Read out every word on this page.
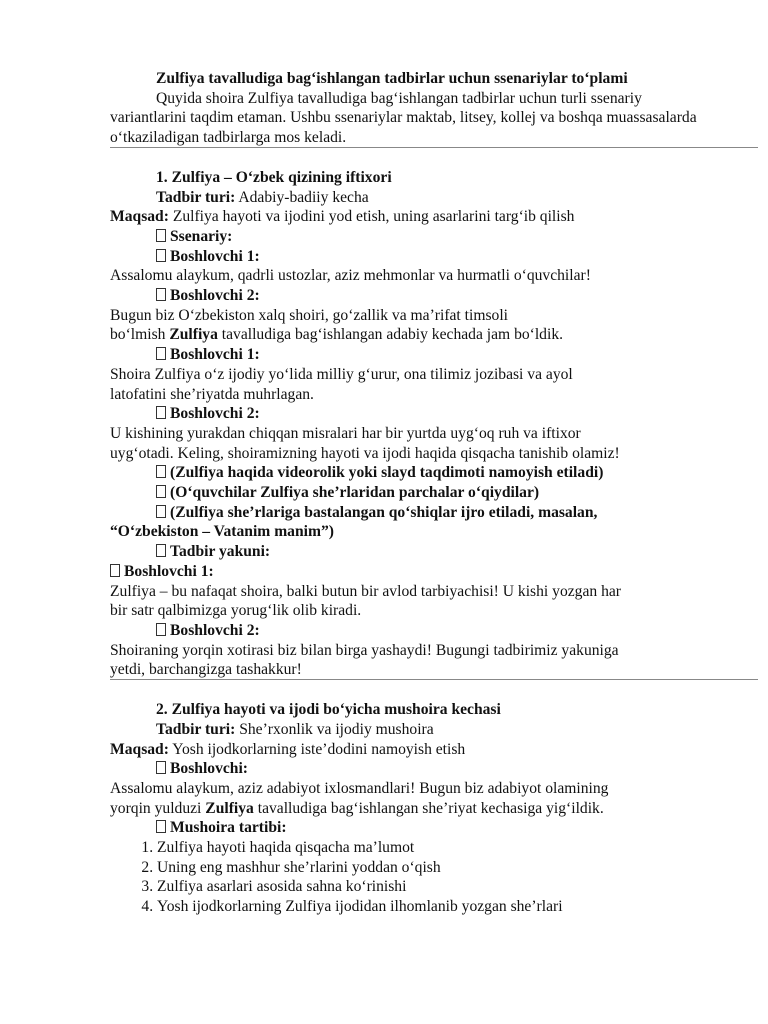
Zulfiya tavalludiga bag‘ishlangan tadbirlar uchun ssenariylar to‘plami

Quyida shoira Zulfiya tavalludiga bag‘ishlangan tadbirlar uchun turli ssenariy variantlarini taqdim etaman. Ushbu ssenariylar maktab, litsey, kollej va boshqa muassasalarda o‘tkaziladigan tadbirlarga mos keladi.

1. Zulfiya – O‘zbek qizining iftixori

Tadbir turi: Adabiy-badiiy kecha

Maqsad: Zulfiya hayoti va ijodini yod etish, uning asarlarini targ‘ib qilish

Ssenariy:

Boshlovchi 1:

Assalomu alaykum, qadrli ustozlar, aziz mehmonlar va hurmatli o‘quvchilar!

Boshlovchi 2:

Bugun biz O‘zbekiston xalq shoiri, go‘zallik va ma’rifat timsoli
bo‘lmish Zulfiya tavalludiga bag‘ishlangan adabiy kechada jam bo‘ldik.

Boshlovchi 1:

Shoira Zulfiya o‘z ijodiy yo‘lida milliy g‘urur, ona tilimiz jozibasi va ayol
latofatini she’riyatda muhrlagan.

Boshlovchi 2:

U kishining yurakdan chiqqan misralari har bir yurtda uyg‘oq ruh va iftixor
uyg‘otadi. Keling, shoiramizning hayoti va ijodi haqida qisqacha tanishib olamiz!

(Zulfiya haqida videorolik yoki slayd taqdimoti namoyish etiladi)

(O‘quvchilar Zulfiya she’rlaridan parchalar o‘qiydilar)

(Zulfiya she’rlariga bastalangan qo‘shiqlar ijro etiladi, masalan,

“O‘zbekiston – Vatanim manim”)

Tadbir yakuni:

Boshlovchi 1:

Zulfiya – bu nafaqat shoira, balki butun bir avlod tarbiyachisi! U kishi yozgan har
bir satr qalbimizga yorug‘lik olib kiradi.

Boshlovchi 2:

Shoiraning yorqin xotirasi biz bilan birga yashaydi! Bugungi tadbirimiz yakuniga
yetdi, barchangizga tashakkur!

2. Zulfiya hayoti va ijodi bo‘yicha mushoira kechasi

Tadbir turi: She’rxonlik va ijodiy mushoira

Maqsad: Yosh ijodkorlarning iste’dodini namoyish etish

Boshlovchi:

Assalomu alaykum, aziz adabiyot ixlosmandlari! Bugun biz adabiyot olamining
yorqin yulduzi Zulfiya tavalludiga bag‘ishlangan she’riyat kechasiga yig‘ildik.

Mushoira tartibi:

1. Zulfiya hayoti haqida qisqacha ma’lumot
2. Uning eng mashhur she’rlarini yoddan o‘qish
3. Zulfiya asarlari asosida sahna ko‘rinishi
4. Yosh ijodkorlarning Zulfiya ijodidan ilhomlanib yozgan she’rlari
